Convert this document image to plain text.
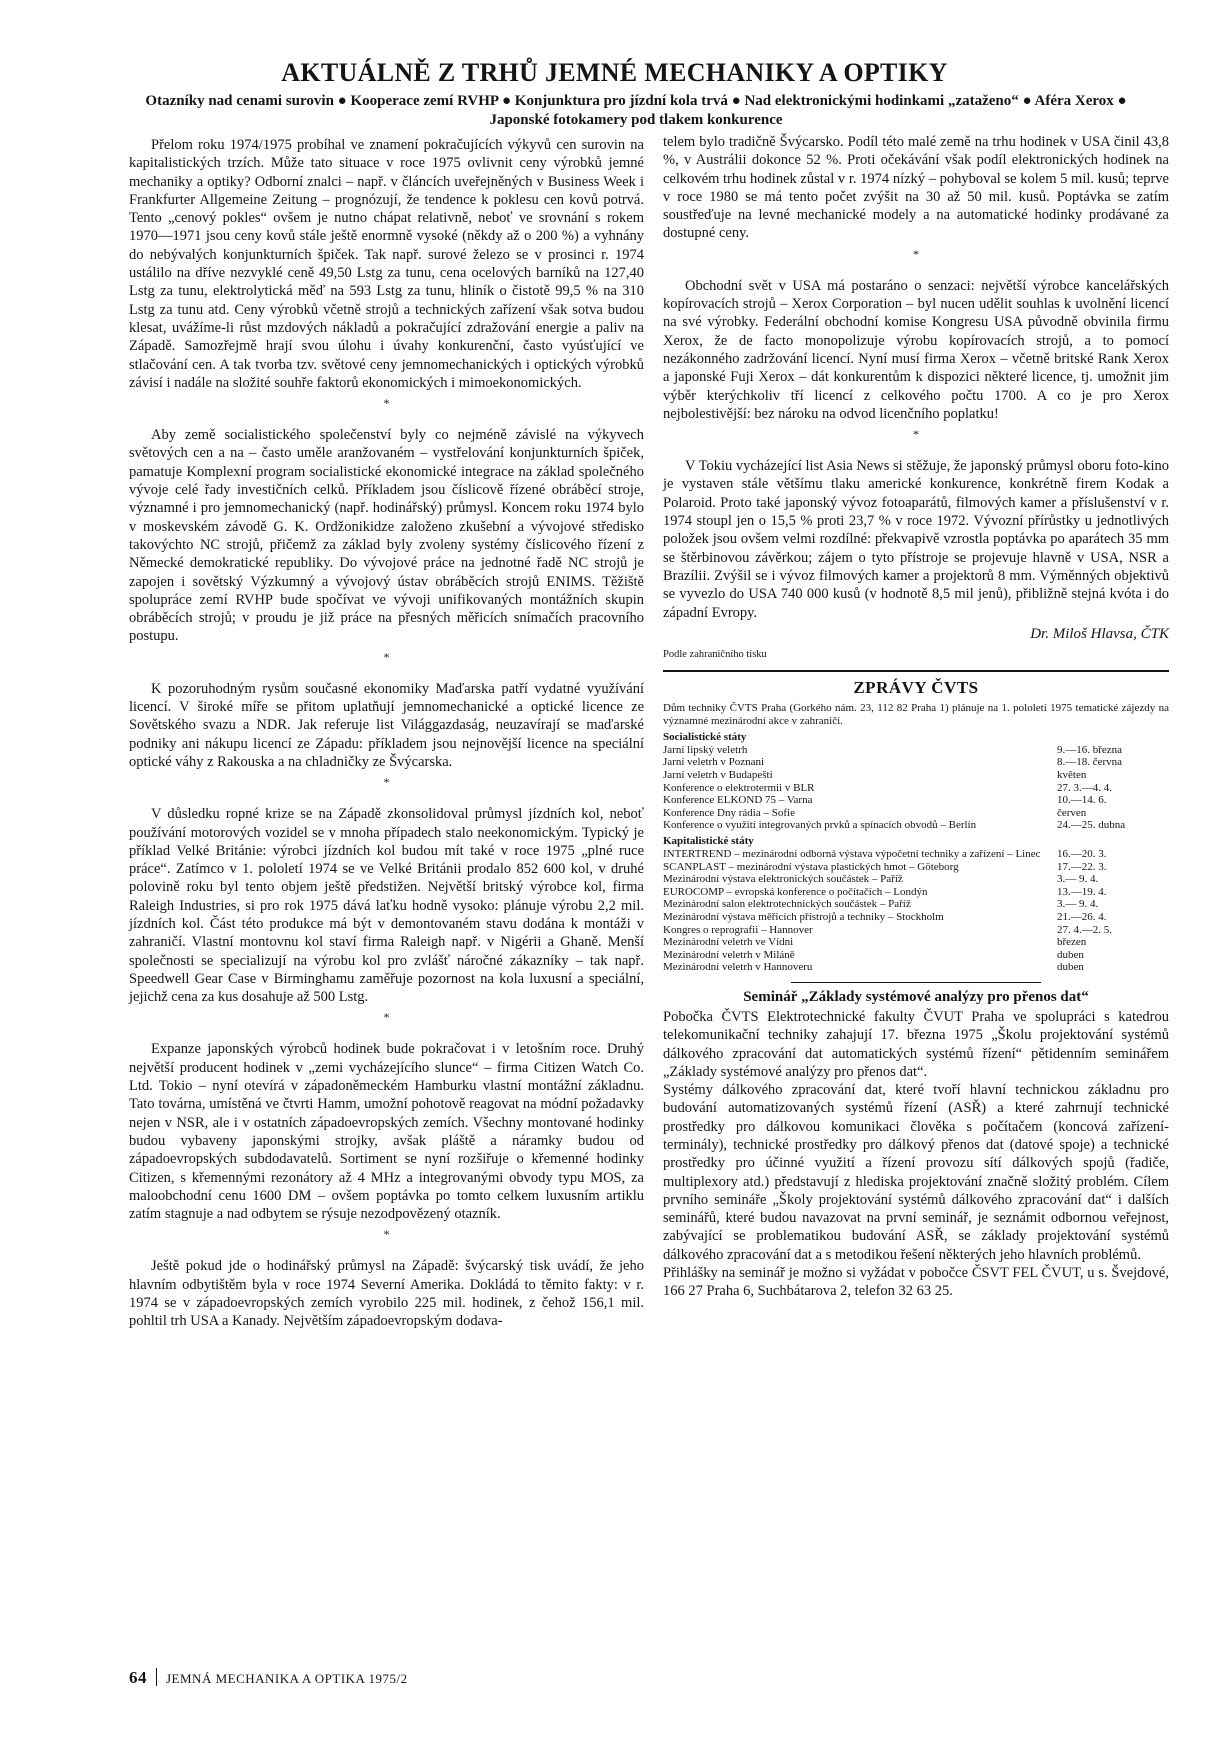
AKTUÁLNĚ Z TRHŮ JEMNÉ MECHANIKY A OPTIKY

Otazníky nad cenami surovin ● Kooperace zemí RVHP ● Konjunktura pro jízdní kola trvá ● Nad elektronickými hodinkami „zataženo“ ● Aféra Xerox ● Japonské fotokamery pod tlakem konkurence

Přelom roku 1974/1975 probíhal ve znamení pokračujících výkyvů cen surovin na kapitalistických trzích. Může tato situace v roce 1975 ovlivnit ceny výrobků jemné mechaniky a optiky? Odborní znalci – např. v článcích uveřejněných v Business Week i Frankfurter Allgemeine Zeitung – prognózují, že tendence k poklesu cen kovů potrvá. Tento „cenový pokles“ ovšem je nutno chápat relativně, neboť ve srovnání s rokem 1970—1971 jsou ceny kovů stále ještě enormně vysoké (někdy až o 200 %) a vyhnány do nebývalých konjunkturních špiček. Tak např. surové železo se v prosinci r. 1974 ustálilo na dříve nezvyklé ceně 49,50 Lstg za tunu, cena ocelových barníků na 127,40 Lstg za tunu, elektrolytická měď na 593 Lstg za tunu, hliník o čistotě 99,5 % na 310 Lstg za tunu atd. Ceny výrobků včetně strojů a technických zařízení však sotva budou klesat, uvážíme-li růst mzdových nákladů a pokračující zdražování energie a paliv na Západě. Samozřejmě hrají svou úlohu i úvahy konkurenční, často vyúsťující ve stlačování cen. A tak tvorba tzv. světové ceny jemnomechanických i optických výrobků závisí i nadále na složité souhře faktorů ekonomických i mimoekonomických.

*

Aby země socialistického společenství byly co nejméně závislé na výkyvech světových cen a na – často uměle aranžovaném – vystřelování konjunkturních špiček, pamatuje Komplexní program socialistické ekonomické integrace na základ společného vývoje celé řady investičních celků. Příkladem jsou číslicově řízené obráběcí stroje, významné i pro jemnomechanický (např. hodinářský) průmysl. Koncem roku 1974 bylo v moskevském závodě G. K. Ordžonikidze založeno zkušební a vývojové středisko takovýchto NC strojů, přičemž za základ byly zvoleny systémy číslicového řízení z Německé demokratické republiky. Do vývojové práce na jednotné řadě NC strojů je zapojen i sovětský Výzkumný a vývojový ústav obráběcích strojů ENIMS. Těžiště spolupráce zemí RVHP bude spočívat ve vývoji unifikovaných montážních skupin obráběcích strojů; v proudu je již práce na přesných měřicích snímačích pracovního postupu.

*

K pozoruhodným rysům současné ekonomiky Maďarska patří vydatné využívání licencí. V široké míře se přitom uplatňují jemnomechanické a optické licence ze Sovětského svazu a NDR. Jak referuje list Világgazdaság, neuzavírají se maďarské podniky ani nákupu licencí ze Západu: příkladem jsou nejnovější licence na speciální optické váhy z Rakouska a na chladničky ze Švýcarska.

*

V důsledku ropné krize se na Západě zkonsolidoval průmysl jízdních kol, neboť používání motorových vozidel se v mnoha případech stalo neekonomickým. Typický je příklad Velké Británie: výrobci jízdních kol budou mít také v roce 1975 „plné ruce práce“. Zatímco v 1. pololetí 1974 se ve Velké Británii prodalo 852 600 kol, v druhé polovině roku byl tento objem ještě předstižen. Největší britský výrobce kol, firma Raleigh Industries, si pro rok 1975 dává laťku hodně vysoko: plánuje výrobu 2,2 mil. jízdních kol. Část této produkce má být v demontovaném stavu dodána k montáži v zahraničí. Vlastní montovnu kol staví firma Raleigh např. v Nigérii a Ghaně. Menší společnosti se specializují na výrobu kol pro zvlášť náročné zákazníky – tak např. Speedwell Gear Case v Birminghamu zaměřuje pozornost na kola luxusní a speciální, jejichž cena za kus dosahuje až 500 Lstg.

*

Expanze japonských výrobců hodinek bude pokračovat i v letošním roce. Druhý největší producent hodinek v „zemi vycházejícího slunce“ – firma Citizen Watch Co. Ltd. Tokio – nyní otevírá v západoněmeckém Hamburku vlastní montážní základnu. Tato továrna, umístěná ve čtvrti Hamm, umožní pohotově reagovat na módní požadavky nejen v NSR, ale i v ostatních západoevropských zemích. Všechny montované hodinky budou vybaveny japonskými strojky, avšak pláště a náramky budou od západoevropských subdodavatelů. Sortiment se nyní rozšiřuje o křemenné hodinky Citizen, s křemennými rezonátory až 4 MHz a integrovanými obvody typu MOS, za maloobchodní cenu 1600 DM – ovšem poptávka po tomto celkem luxusním artiklu zatím stagnuje a nad odbytem se rýsuje nezodpovězený otazník.

*

Ještě pokud jde o hodinářský průmysl na Západě: švýcarský tisk uvádí, že jeho hlavním odbytištěm byla v roce 1974 Severní Amerika. Dokládá to těmito fakty: v r. 1974 se v západoevropských zemích vyrobilo 225 mil. hodinek, z čehož 156,1 mil. pohltil trh USA a Kanady. Největším západoevropským dodava-

telem bylo tradičně Švýcarsko. Podíl této malé země na trhu hodinek v USA činil 43,8 %, v Austrálii dokonce 52 %. Proti očekávání však podíl elektronických hodinek na celkovém trhu hodinek zůstal v r. 1974 nízký – pohyboval se kolem 5 mil. kusů; teprve v roce 1980 se má tento počet zvýšit na 30 až 50 mil. kusů. Poptávka se zatím soustřeďuje na levné mechanické modely a na automatické hodinky prodávané za dostupné ceny.

*

Obchodní svět v USA má postaráno o senzaci: největší výrobce kancelářských kopírovacích strojů – Xerox Corporation – byl nucen udělit souhlas k uvolnění licencí na své výrobky. Federální obchodní komise Kongresu USA původně obvinila firmu Xerox, že de facto monopolizuje výrobu kopírovacích strojů, a to pomocí nezákonného zadržování licencí. Nyní musí firma Xerox – včetně britské Rank Xerox a japonské Fuji Xerox – dát konkurentům k dispozici některé licence, tj. umožnit jim výběr kterýchkoliv tří licencí z celkového počtu 1700. A co je pro Xerox nejbolestivější: bez nároku na odvod licenčního poplatku!

*

V Tokiu vycházející list Asia News si stěžuje, že japonský průmysl oboru foto-kino je vystaven stále většímu tlaku americké konkurence, konkrétně firem Kodak a Polaroid. Proto také japonský vývoz fotoaparátů, filmových kamer a příslušenství v r. 1974 stoupl jen o 15,5 % proti 23,7 % v roce 1972. Vývozní přírůstky u jednotlivých položek jsou ovšem velmi rozdílné: překvapivě vzrostla poptávka po aparátech 35 mm se štěrbinovou závěrkou; zájem o tyto přístroje se projevuje hlavně v USA, NSR a Brazílii. Zvýšil se i vývoz filmových kamer a projektorů 8 mm. Výměnných objektivů se vyvezlo do USA 740 000 kusů (v hodnotě 8,5 mil jenů), přibližně stejná kvóta i do západní Evropy.

Dr. Miloš Hlavsa, ČTK

Podle zahraničního tisku

ZPRÁVY ČVTS

Dům techniky ČVTS Praha (Gorkého nám. 23, 112 82 Praha 1) plánuje na 1. pololetí 1975 tematické zájezdy na významné mezinárodní akce v zahraničí.

Socialistické státy

Jarní lipský veletrh	9.—16. března
Jarní veletrh v Poznani	8.—18. června
Jarní veletrh v Budapešti	květen
Konference o elektrotermii v BLR	27. 3.—4. 4.
Konference ELKOND 75 – Varna	10.—14. 6.
Konference Dny rádia – Sofie	červen
Konference o využití integrovaných prvků a spínacích obvodů – Berlín	24.—25. dubna

Kapitalistické státy

INTERTREND – mezinárodní odborná výstava výpočetní techniky a zařízení – Linec	16.—20. 3.
SCANPLAST – mezinárodní výstava plastických hmot – Göteborg	17.—22. 3.
Mezinárodní výstava elektronických součástek – Paříž	3.— 9. 4.
EUROCOMP – evropská konference o počítačích – Londýn	13.—19. 4.
Mezinárodní salon elektrotechnických součástek – Paříž	3.— 9. 4.
Mezinárodní výstava měřicích přístrojů a techniky – Stockholm	21.—26. 4.
Kongres o reprografii – Hannover	27. 4.—2. 5.
Mezinárodní veletrh ve Vídni	březen
Mezinárodní veletrh v Miláně	duben
Mezinárodní veletrh v Hannoveru	duben
Seminář „Základy systémové analýzy pro přenos dat“

Pobočka ČVTS Elektrotechnické fakulty ČVUT Praha ve spolupráci s katedrou telekomunikační techniky zahajují 17. března 1975 „Školu projektování systémů dálkového zpracování dat automatických systémů řízení“ pětidenním seminářem „Základy systémové analýzy pro přenos dat“.

Systémy dálkového zpracování dat, které tvoří hlavní technickou základnu pro budování automatizovaných systémů řízení (ASŘ) a které zahrnují technické prostředky pro dálkovou komunikaci člověka s počítačem (koncová zařízení-terminály), technické prostředky pro dálkový přenos dat (datové spoje) a technické prostředky pro účinné využití a řízení provozu sítí dálkových spojů (řadiče, multiplexory atd.) představují z hlediska projektování značně složitý problém. Cílem prvního semináře „Školy projektování systémů dálkového zpracování dat“ i dalších seminářů, které budou navazovat na první seminář, je seznámit odbornou veřejnost, zabývající se problematikou budování ASŘ, se základy projektování systémů dálkového zpracování dat a s metodikou řešení některých jeho hlavních problémů.

Přihlášky na seminář je možno si vyžádat v pobočce ČSVT FEL ČVUT, u s. Švejdové, 166 27 Praha 6, Suchbátarova 2, telefon 32 63 25.

64 JEMNÁ MECHANIKA A OPTIKA 1975/2
